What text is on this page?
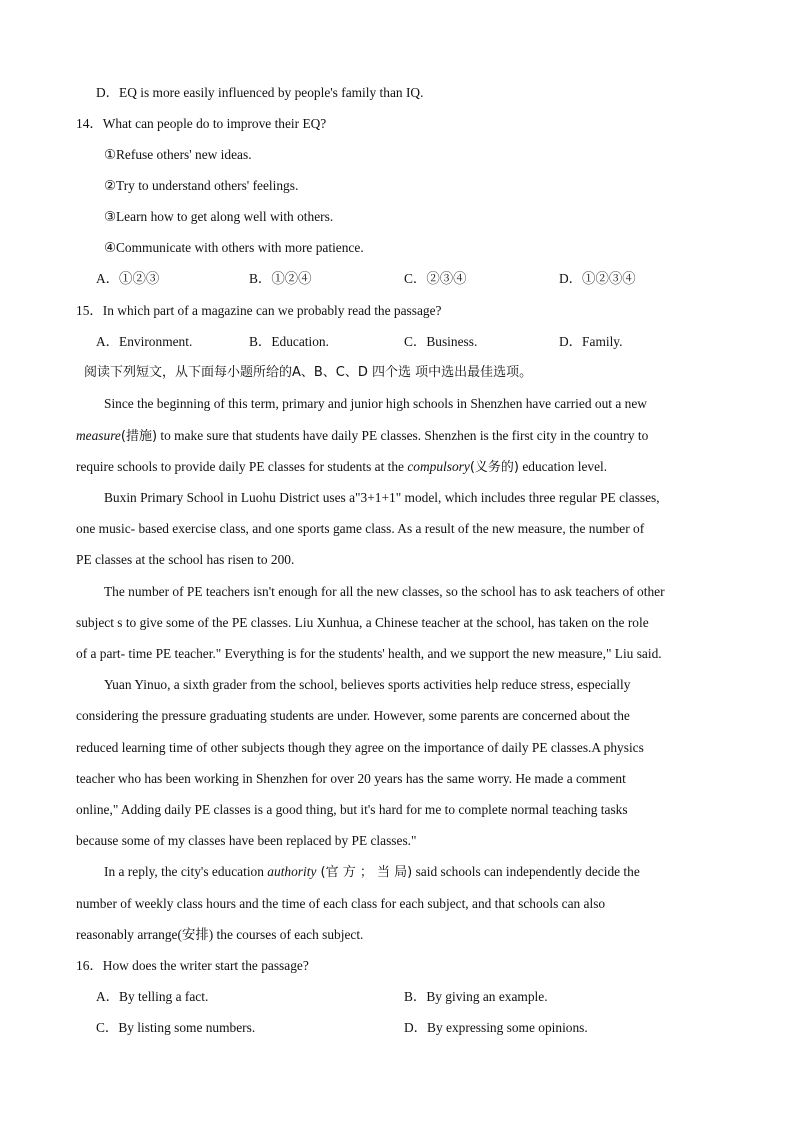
D．EQ is more easily influenced by people's family than IQ.
14．What can people do to improve their EQ?
①Refuse others' new ideas.
②Try to understand others' feelings.
③Learn how to get along well with others.
④Communicate with others with more patience.
A．①②③	B．①②④	C．②③④	D．①②③④
15．In which part of a magazine can we probably read the passage?
A．Environment.	B．Education.	C．Business.	D．Family.
阅读下列短文，从下面每小题所给的A、B、C、D 四个选 项中选出最佳选项。
Since the beginning of this term, primary and junior high schools in Shenzhen have carried out a new
measure(措施) to make sure that students have daily PE classes. Shenzhen is the first city in the country to
require schools to provide daily PE classes for students at the compulsory(义务的) education level.
Buxin Primary School in Luohu District uses a"3+1+1" model, which includes three regular PE classes,
one music- based exercise class, and one sports game class. As a result of the new measure, the number of
PE classes at the school has risen to 200.
The number of PE teachers isn't enough for all the new classes, so the school has to ask teachers of other
subject s to give some of the PE classes. Liu Xunhua, a Chinese teacher at the school, has taken on the role
of a part- time PE teacher." Everything is for the students' health, and we support the new measure," Liu said.
Yuan Yinuo, a sixth grader from the school, believes sports activities help reduce stress, especially
considering the pressure graduating students are under. However, some parents are concerned about the
reduced learning time of other subjects though they agree on the importance of daily PE classes.A physics
teacher who has been working in Shenzhen for over 20 years has the same worry. He made a comment
online," Adding daily PE classes is a good thing, but it's hard for me to complete normal teaching tasks
because some of my classes have been replaced by PE classes."
In a reply, the city's education authority (官 方 ； 当 局) said schools can independently decide the
number of weekly class hours and the time of each class for each subject, and that schools can also
reasonably arrange(安排) the courses of each subject.
16．How does the writer start the passage?
A．By telling a fact.	B．By giving an example.
C．By listing some numbers.	D．By expressing some opinions.
